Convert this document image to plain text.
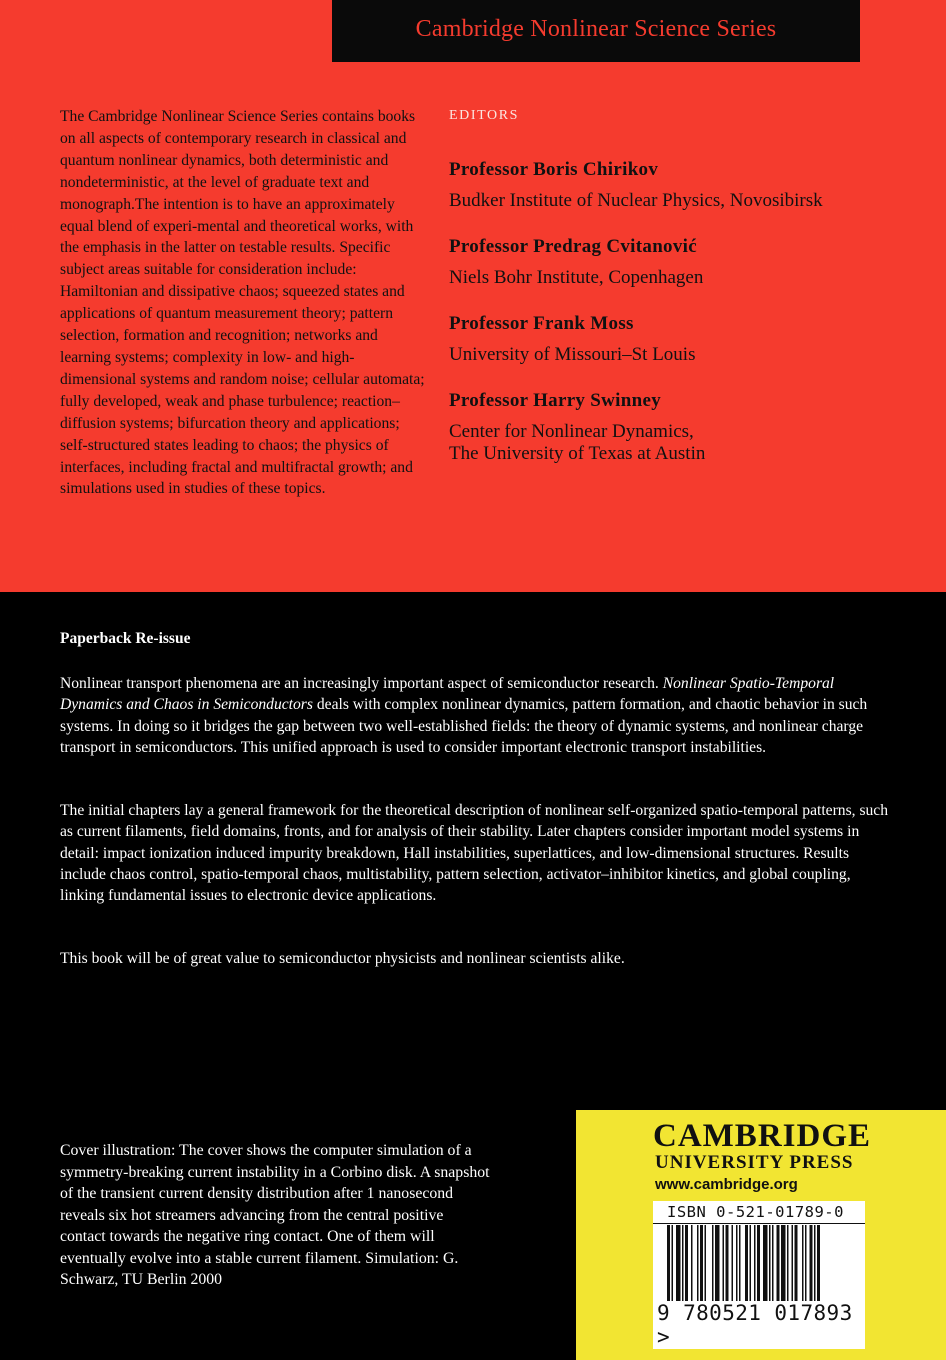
Cambridge Nonlinear Science Series
The Cambridge Nonlinear Science Series contains books on all aspects of contemporary research in classical and quantum nonlinear dynamics, both deterministic and nondeterministic, at the level of graduate text and monograph.The intention is to have an approximately equal blend of experi-mental and theoretical works, with the emphasis in the latter on testable results. Specific subject areas suitable for consideration include: Hamiltonian and dissipative chaos; squeezed states and applications of quantum measurement theory; pattern selection, formation and recognition; networks and learning systems; complexity in low- and high-dimensional systems and random noise; cellular automata; fully developed, weak and phase turbulence; reaction–diffusion systems; bifurcation theory and applications; self-structured states leading to chaos; the physics of interfaces, including fractal and multifractal growth; and simulations used in studies of these topics.
EDITORS
Professor Boris Chirikov
Budker Institute of Nuclear Physics, Novosibirsk
Professor Predrag Cvitanović
Niels Bohr Institute, Copenhagen
Professor Frank Moss
University of Missouri–St Louis
Professor Harry Swinney
Center for Nonlinear Dynamics,
The University of Texas at Austin
Paperback Re-issue

Nonlinear transport phenomena are an increasingly important aspect of semiconductor research. Nonlinear Spatio-Temporal Dynamics and Chaos in Semiconductors deals with complex nonlinear dynamics, pattern formation, and chaotic behavior in such systems. In doing so it bridges the gap between two well-established fields: the theory of dynamic systems, and nonlinear charge transport in semiconductors. This unified approach is used to consider important electronic transport instabilities.

The initial chapters lay a general framework for the theoretical description of nonlinear self-organized spatio-temporal patterns, such as current filaments, field domains, fronts, and for analysis of their stability. Later chapters consider important model systems in detail: impact ionization induced impurity breakdown, Hall instabilities, superlattices, and low-dimensional structures. Results include chaos control, spatio-temporal chaos, multistability, pattern selection, activator–inhibitor kinetics, and global coupling, linking fundamental issues to electronic device applications.

This book will be of great value to semiconductor physicists and nonlinear scientists alike.

Cover illustration: The cover shows the computer simulation of a symmetry-breaking current instability in a Corbino disk. A snapshot of the transient current density distribution after 1 nanosecond reveals six hot streamers advancing from the central positive contact towards the negative ring contact. One of them will eventually evolve into a stable current filament. Simulation: G. Schwarz, TU Berlin 2000
CAMBRIDGE
UNIVERSITY PRESS
www.cambridge.org
ISBN 0-521-01789-0
9 780521 017893 >
